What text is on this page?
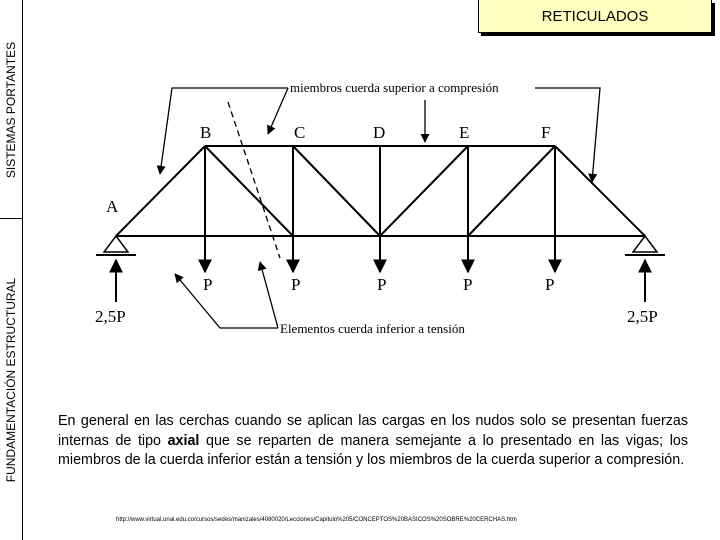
SISTEMAS PORTANTES
FUNDAMENTACIÓN ESTRUCTURAL
RETICULADOS
miembros cuerda superior a compresión
Elementos cuerda inferior a tensión
A
B	C	D	E	F
P	P	P	P	P
2,5P	2,5P

En general en las cerchas cuando se aplican las cargas en los nudos solo se presentan fuerzas internas de tipo axial que se reparten de manera semejante a lo presentado en las vigas; los miembros de la cuerda inferior están a tensión y los miembros de la cuerda superior a compresión.

http://www.virtual.unal.edu.co/cursos/sedes/manizales/4080020/Lecciones/Capitulo%205/CONCEPTOS%20BASICOS%20SOBRE%20CERCHAS.htm
